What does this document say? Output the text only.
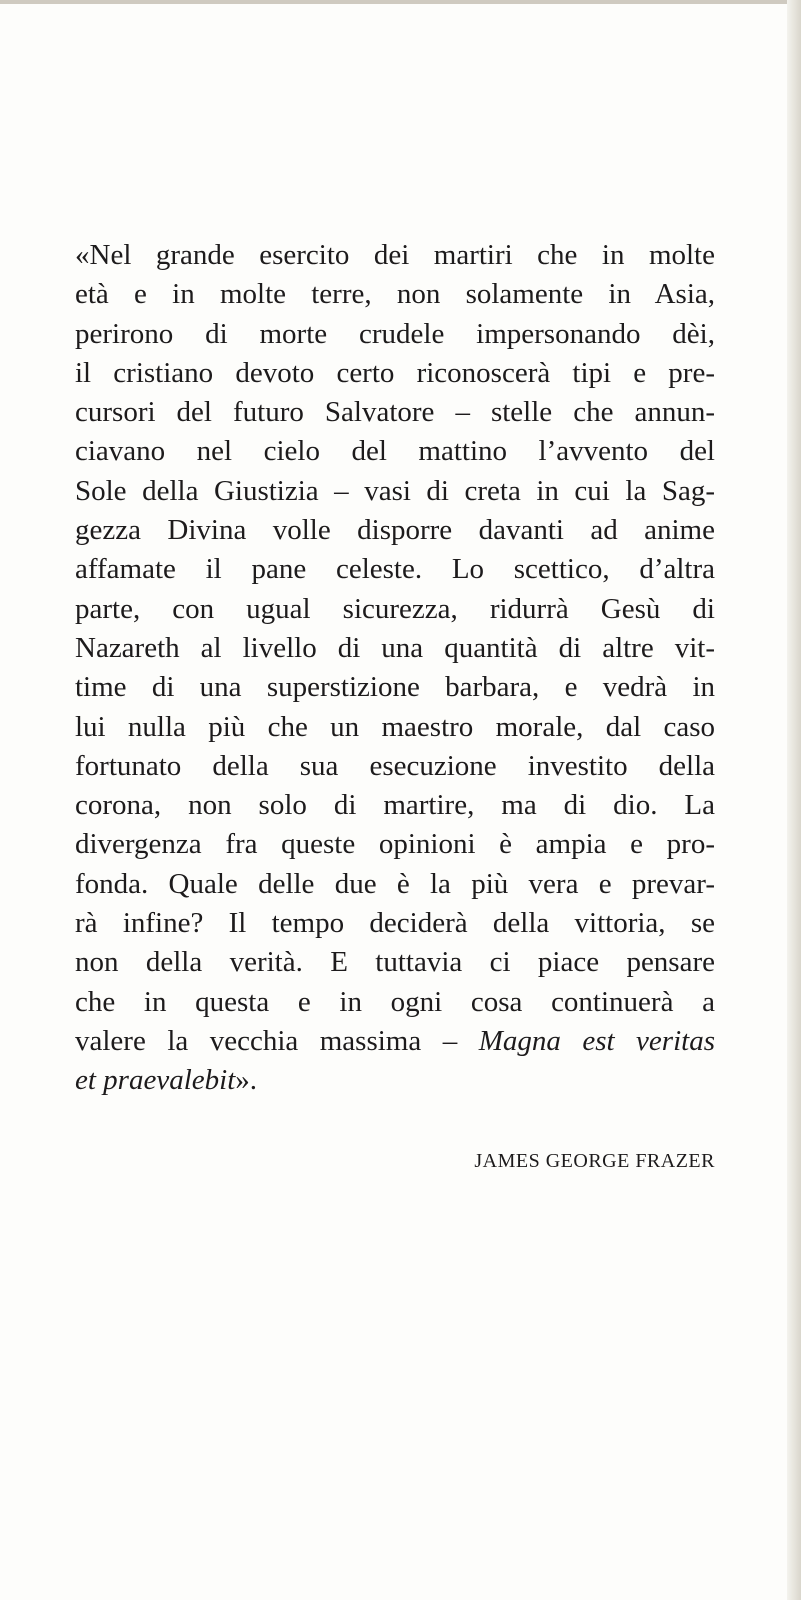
«Nel grande esercito dei martiri che in molte
età e in molte terre, non solamente in Asia,
perirono di morte crudele impersonando dèi,
il cristiano devoto certo riconoscerà tipi e pre-
cursori del futuro Salvatore – stelle che annun-
ciavano nel cielo del mattino l’avvento del
Sole della Giustizia – vasi di creta in cui la Sag-
gezza Divina volle disporre davanti ad anime
affamate il pane celeste. Lo scettico, d’altra
parte, con ugual sicurezza, ridurrà Gesù di
Nazareth al livello di una quantità di altre vit-
time di una superstizione barbara, e vedrà in
lui nulla più che un maestro morale, dal caso
fortunato della sua esecuzione investito della
corona, non solo di martire, ma di dio. La
divergenza fra queste opinioni è ampia e pro-
fonda. Quale delle due è la più vera e prevar-
rà infine? Il tempo deciderà della vittoria, se
non della verità. E tuttavia ci piace pensare
che in questa e in ogni cosa continuerà a
valere la vecchia massima – Magna est veritas
et praevalebit».
JAMES GEORGE FRAZER
